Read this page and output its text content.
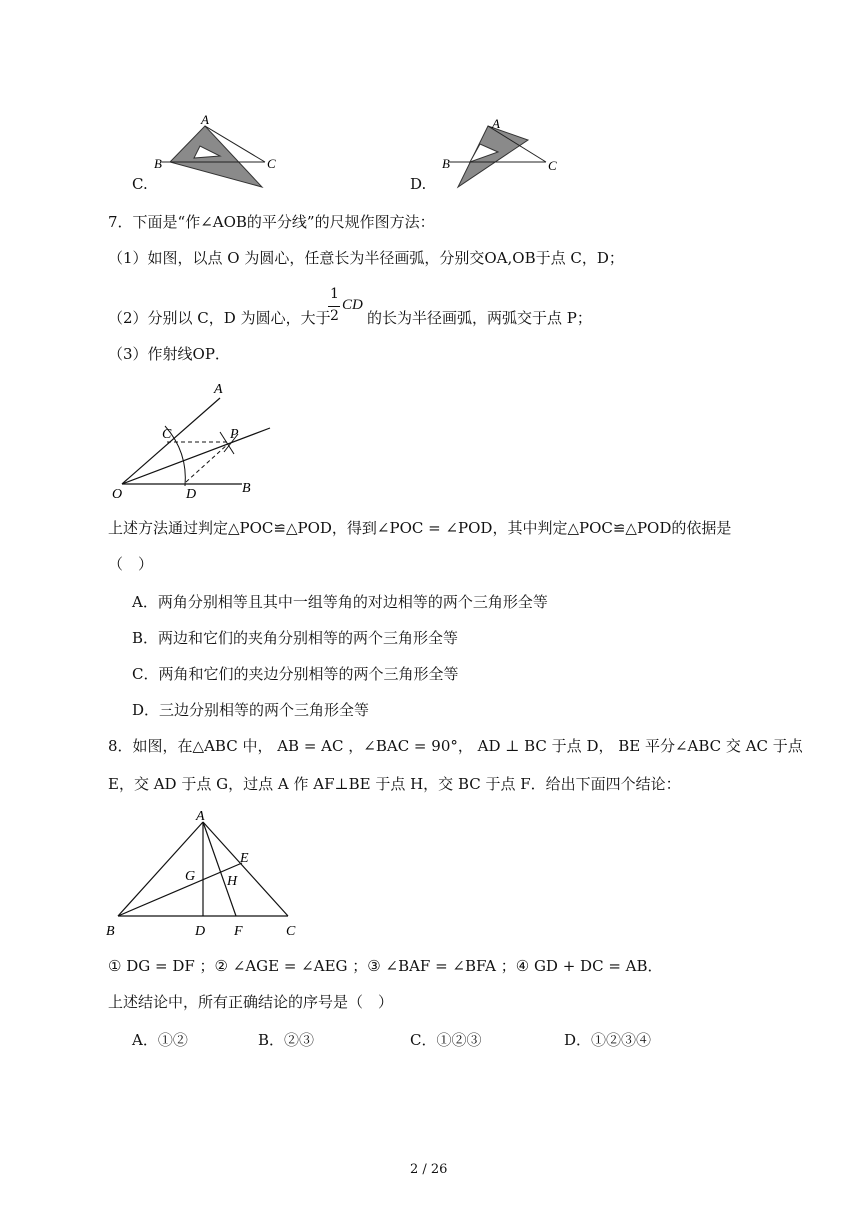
A
B	C
C.
A
B	C
D.
7．下面是“作∠AOB的平分线”的尺规作图方法：
（1）如图，以点 O 为圆心，任意长为半径画弧，分别交OA,OB于点 C，D；
（2）分别以 C，D 为圆心，大于
1
2
CD
的长为半径画弧，两弧交于点 P；
（3）作射线OP．
A
B
C
D
O
P
上述方法通过判定△POC≌△POD，得到∠POC = ∠POD，其中判定△POC≌△POD的依据是
（　）
A．两角分别相等且其中一组等角的对边相等的两个三角形全等
B．两边和它们的夹角分别相等的两个三角形全等
C．两角和它们的夹边分别相等的两个三角形全等
D．三边分别相等的两个三角形全等
8．如图，在△ABC 中， AB = AC ，∠BAC = 90°， AD ⊥ BC 于点 D， BE 平分∠ABC 交 AC 于点
E，交 AD 于点 G，过点 A 作 AF⊥BE 于点 H，交 BC 于点 F．给出下面四个结论：
A
B	C
D
E
F
G H
① DG = DF ；② ∠AGE = ∠AEG ；③ ∠BAF = ∠BFA ；④ GD + DC = AB．
上述结论中，所有正确结论的序号是（　）
A．①②	B．②③	C．①②③	D．①②③④
2 / 26
